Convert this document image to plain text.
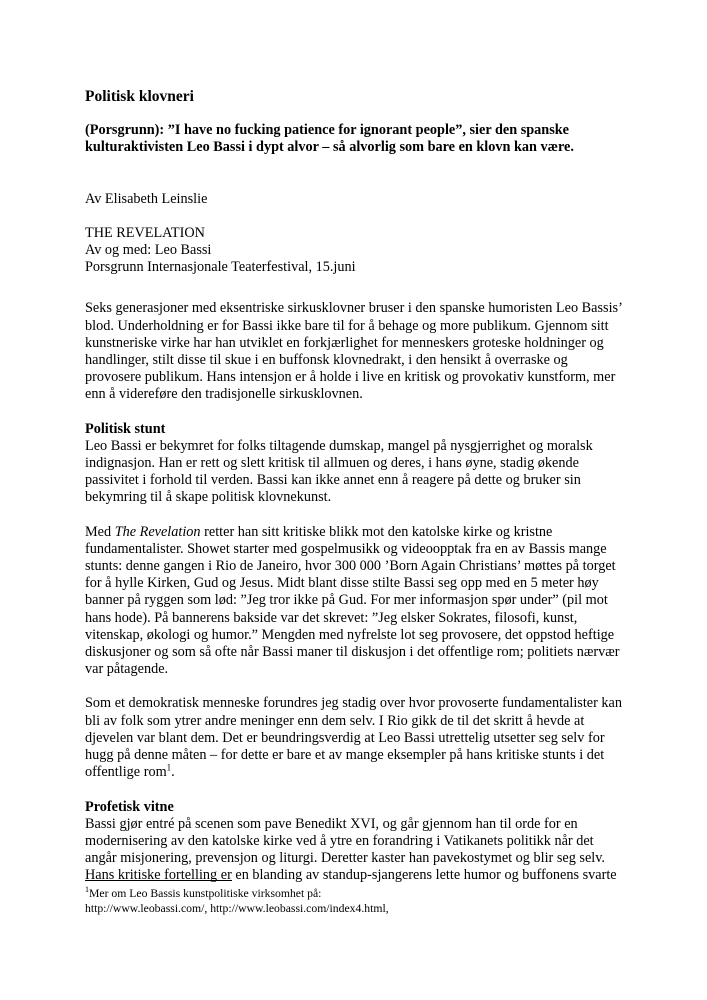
Politisk klovneri

(Porsgrunn): ”I have no fucking patience for ignorant people”, sier den spanske kulturaktivisten Leo Bassi i dypt alvor – så alvorlig som bare en klovn kan være.

Av Elisabeth Leinslie

THE REVELATION
Av og med: Leo Bassi
Porsgrunn Internasjonale Teaterfestival, 15.juni

Seks generasjoner med eksentriske sirkusklovner bruser i den spanske humoristen Leo Bassis’ blod. Underholdning er for Bassi ikke bare til for å behage og more publikum. Gjennom sitt kunstneriske virke har han utviklet en forkjærlighet for menneskers groteske holdninger og handlinger, stilt disse til skue i en buffonsk klovnedrakt, i den hensikt å overraske og provosere publikum. Hans intensjon er å holde i live en kritisk og provokativ kunstform, mer enn å videreføre den tradisjonelle sirkusklovnen.

Politisk stunt

Leo Bassi er bekymret for folks tiltagende dumskap, mangel på nysgjerrighet og moralsk indignasjon. Han er rett og slett kritisk til allmuen og deres, i hans øyne, stadig økende passivitet i forhold til verden. Bassi kan ikke annet enn å reagere på dette og bruker sin bekymring til å skape politisk klovnekunst.

Med The Revelation retter han sitt kritiske blikk mot den katolske kirke og kristne fundamentalister. Showet starter med gospelmusikk og videoopptak fra en av Bassis mange stunts: denne gangen i Rio de Janeiro, hvor 300 000 ’Born Again Christians’ møttes på torget for å hylle Kirken, Gud og Jesus. Midt blant disse stilte Bassi seg opp med en 5 meter høy banner på ryggen som lød: ”Jeg tror ikke på Gud. For mer informasjon spør under” (pil mot hans hode). På bannerens bakside var det skrevet: ”Jeg elsker Sokrates, filosofi, kunst, vitenskap, økologi og humor.” Mengden med nyfrelste lot seg provosere, det oppstod heftige diskusjoner og som så ofte når Bassi maner til diskusjon i det offentlige rom; politiets nærvær var påtagende.

Som et demokratisk menneske forundres jeg stadig over hvor provoserte fundamentalister kan bli av folk som ytrer andre meninger enn dem selv. I Rio gikk de til det skritt å hevde at djevelen var blant dem. Det er beundringsverdig at Leo Bassi utrettelig utsetter seg selv for hugg på denne måten – for dette er bare et av mange eksempler på hans kritiske stunts i det offentlige rom$^1$.

Profetisk vitne

Bassi gjør entré på scenen som pave Benedikt XVI, og går gjennom han til orde for en modernisering av den katolske kirke ved å ytre en forandring i Vatikanets politikk når det angår misjonering, prevensjon og liturgi. Deretter kaster han pavekostymet og blir seg selv. Hans kritiske fortelling er en blanding av standup-sjangerens lette humor og buffonens svarte

$^1$Mer om Leo Bassis kunstpolitiske virksomhet på:
http://www.leobassi.com/, http://www.leobassi.com/index4.html,
